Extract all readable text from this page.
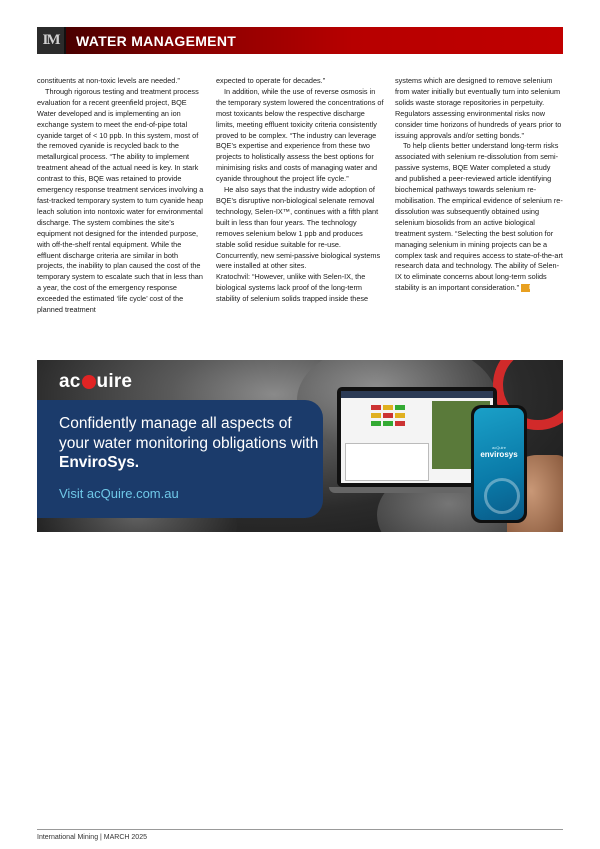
IM	WATER MANAGEMENT

constituents at non-toxic levels are needed.”

Through rigorous testing and treatment process evaluation for a recent greenfield project, BQE Water developed and is implementing an ion exchange system to meet the end-of-pipe total cyanide target of < 10 ppb. In this system, most of the removed cyanide is recycled back to the metallurgical process. “The ability to implement treatment ahead of the actual need is key. In stark contrast to this, BQE was retained to provide emergency response treatment services involving a fast-tracked temporary system to turn cyanide heap leach solution into nontoxic water for environmental discharge. The system combines the site’s equipment not designed for the intended purpose, with off-the-shelf rental equipment. While the effluent discharge criteria are similar in both projects, the inability to plan caused the cost of the temporary system to escalate such that in less than a year, the cost of the emergency response exceeded the estimated ‘life cycle’ cost of the planned treatment

expected to operate for decades.”

In addition, while the use of reverse osmosis in the temporary system lowered the concentrations of most toxicants below the respective discharge limits, meeting effluent toxicity criteria consistently proved to be complex. “The industry can leverage BQE’s expertise and experience from these two projects to holistically assess the best options for minimising risks and costs of managing water and cyanide throughout the project life cycle.”

He also says that the industry wide adoption of BQE’s disruptive non-biological selenate removal technology, Selen-IX™, continues with a fifth plant built in less than four years. The technology removes selenium below 1 ppb and produces stable solid residue suitable for re-use. Concurrently, new semi-passive biological systems were installed at other sites.

Kratochvil: “However, unlike with Selen-IX, the biological systems lack proof of the long-term stability of selenium solids trapped inside these

systems which are designed to remove selenium from water initially but eventually turn into selenium solids waste storage repositories in perpetuity. Regulators assessing environmental risks now consider time horizons of hundreds of years prior to issuing approvals and/or setting bonds.”

To help clients better understand long-term risks associated with selenium re-dissolution from semi-passive systems, BQE Water completed a study and published a peer-reviewed article identifying biochemical pathways towards selenium re-mobilisation. The empirical evidence of selenium re-dissolution was subsequently obtained using selenium biosolids from an active biological treatment system. “Selecting the best solution for managing selenium in mining projects can be a complex task and requires access to state-of-the-art research data and technology. The ability of Selen-IX to eliminate concerns about long-term solids stability is an important consideration.” IM

ac uire
Confidently manage all aspects of your water monitoring obligations with EnviroSys.
Visit acQuire.com.au
acQuire
envirosys
International Mining | MARCH 2025
